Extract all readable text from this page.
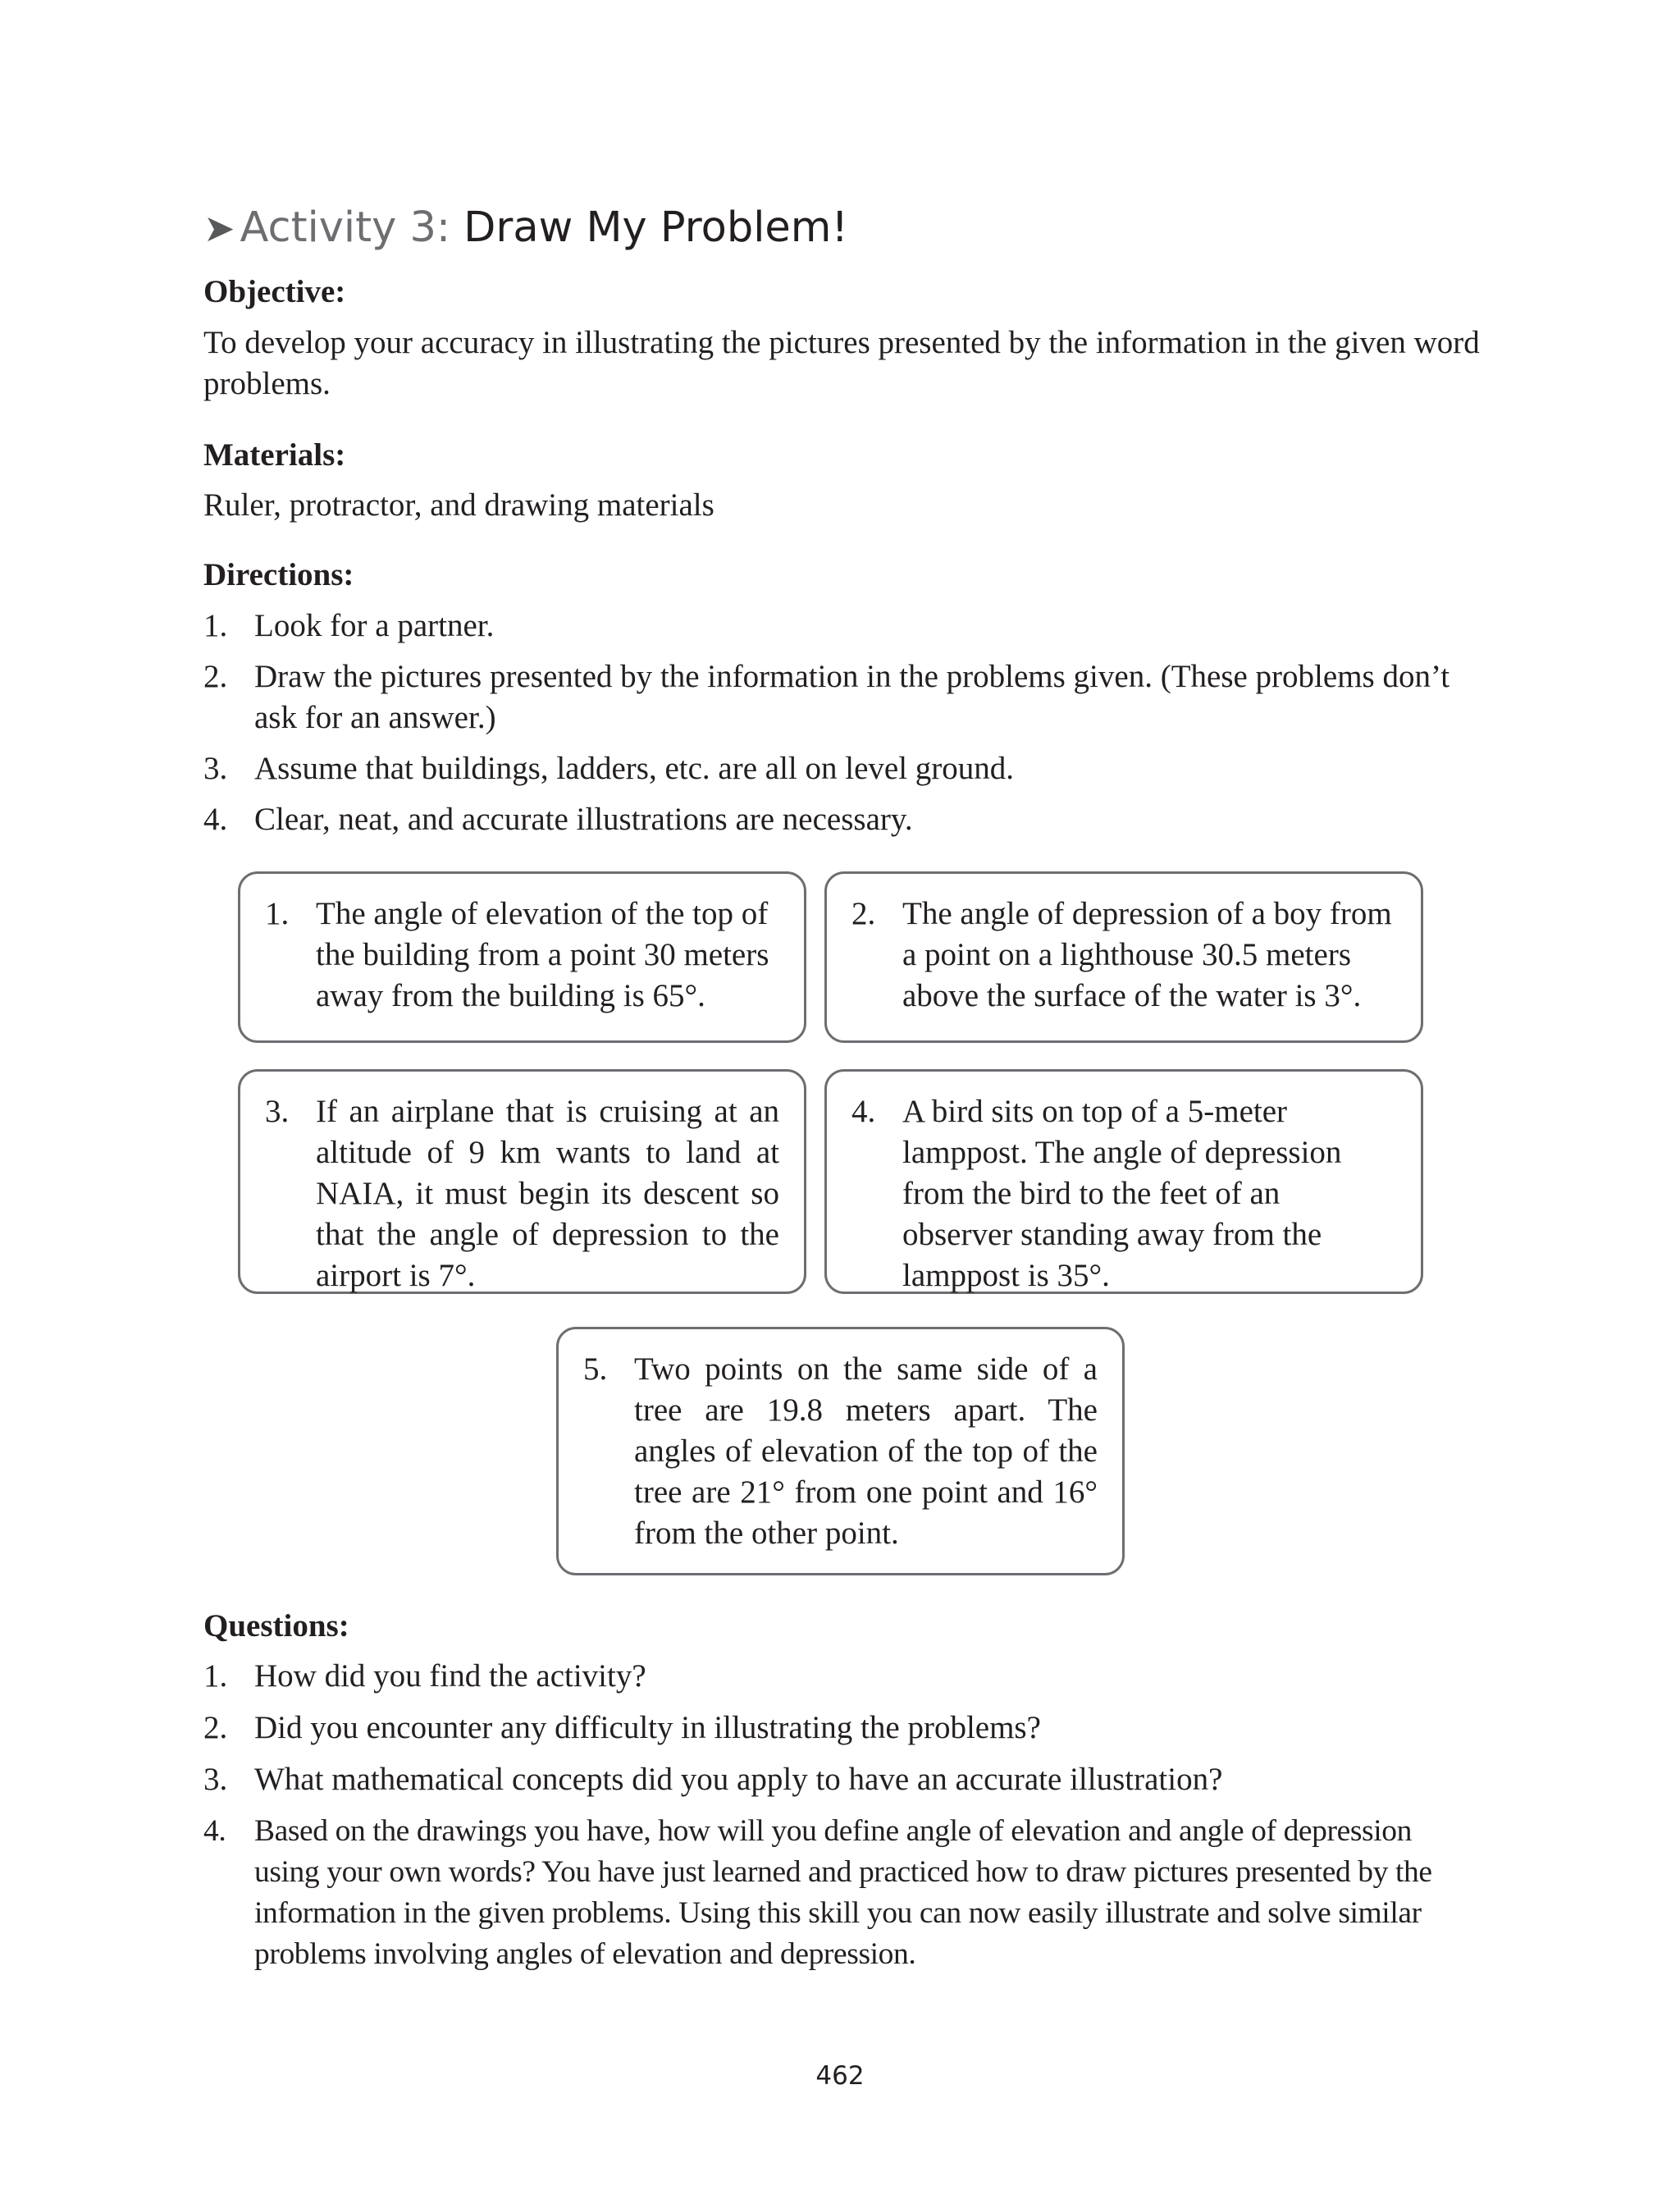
➤ Activity 3: Draw My Problem!

Objective:

To develop your accuracy in illustrating the pictures presented by the information in the given word problems.

Materials:

Ruler, protractor, and drawing materials

Directions:

1. Look for a partner.
2. Draw the pictures presented by the information in the problems given. (These problems don’t ask for an answer.)
3. Assume that buildings, ladders, etc. are all on level ground.
4. Clear, neat, and accurate illustrations are necessary.
1. The angle of elevation of the top of the building from a point 30 meters away from the building is 65°.
2. The angle of depression of a boy from a point on a lighthouse 30.5 meters above the surface of the water is 3°.
3. If an airplane that is cruising at an altitude of 9 km wants to land at NAIA, it must begin its descent so that the angle of depression to the airport is 7°.
4. A bird sits on top of a 5-meter lamppost. The angle of depression from the bird to the feet of an observer standing away from the lamppost is 35°.
5. Two points on the same side of a tree are 19.8 meters apart. The angles of elevation of the top of the tree are 21° from one point and 16° from the other point.

Questions:

1. How did you find the activity?
2. Did you encounter any difficulty in illustrating the problems?
3. What mathematical concepts did you apply to have an accurate illustration?
4. Based on the drawings you have, how will you define angle of elevation and angle of depression using your own words? You have just learned and practiced how to draw pictures presented by the information in the given problems. Using this skill you can now easily illustrate and solve similar problems involving angles of elevation and depression.
462
